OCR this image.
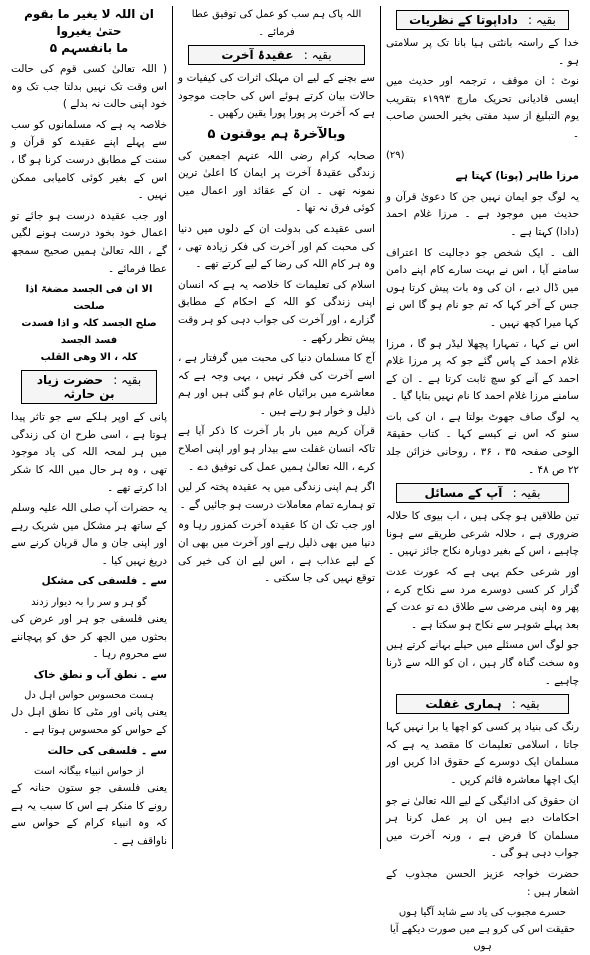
ان اللہ لا یغیر ما بقوم حتیٰ یغیروا

ما بانفسہم ۵

( اللہ تعالیٰ کسی قوم کی حالت اس وقت تک نہیں بدلتا جب تک وہ خود اپنی حالت نہ بدلے )

خلاصہ یہ ہے کہ مسلمانوں کو سب سے پہلے اپنے عقیدے کو قرآن و سنت کے مطابق درست کرنا ہو گا ، اس کے بغیر کوئی کامیابی ممکن نہیں ۔

اور جب عقیدہ درست ہو جائے تو اعمال خود بخود درست ہونے لگیں گے ، اللہ تعالیٰ ہمیں صحیح سمجھ عطا فرمائے ۔

الا ان فی الجسد مضغۃ اذا صلحت

صلح الجسد کلہ و اذا فسدت فسد الجسد

کلہ ، الا وھی القلب

بقیہ : حضرت زیاد بن حارثہ

پانی کے اوپر ہلکے سے جو تاثر پیدا ہوتا ہے ، اسی طرح ان کی زندگی میں ہر لمحہ اللہ کی یاد موجود تھی ، وہ ہر حال میں اللہ کا شکر ادا کرتے تھے ۔

یہ حضرات آپ صلی اللہ علیہ وسلم کے ساتھ ہر مشکل میں شریک رہے اور اپنی جان و مال قربان کرنے سے دریغ نہیں کیا ۔

سے ۔ فلسفی کی مشکل

گو ہر و سر را بہ دیوار زدند

یعنی فلسفی جو ہر اور عرض کی بحثوں میں الجھ کر حق کو پہچاننے سے محروم رہا ۔

سے ۔ نطق آب و نطق خاک

ہست محسوس حواس اہل دل

یعنی پانی اور مٹی کا نطق اہل دل کے حواس کو محسوس ہوتا ہے ۔

سے ۔ فلسفی کی حالت

از حواس انبیاء بیگانہ است

یعنی فلسفی جو ستون حنانہ کے رونے کا منکر ہے اس کا سبب یہ ہے کہ وہ انبیاء کرام کے حواس سے ناواقف ہے ۔

اللہ پاک ہم سب کو عمل کی توفیق عطا فرمائے ۔

بقیہ : عقیدۂ آخرت

سے بچنے کے لیے ان مہلک اثرات کی کیفیات و حالات بیان کرتے ہوئے اس کی حاجت موجود ہے کہ آخرت پر پورا پورا یقین رکھیں ۔

وبالآخرۃ ہم یوقنون ۵

صحابہ کرام رضی اللہ عنہم اجمعین کی زندگی عقیدۂ آخرت پر ایمان کا اعلیٰ ترین نمونہ تھی ۔ ان کے عقائد اور اعمال میں کوئی فرق نہ تھا ۔

اسی عقیدے کی بدولت ان کے دلوں میں دنیا کی محبت کم اور آخرت کی فکر زیادہ تھی ، وہ ہر کام اللہ کی رضا کے لیے کرتے تھے ۔

اسلام کی تعلیمات کا خلاصہ یہ ہے کہ انسان اپنی زندگی کو اللہ کے احکام کے مطابق گزارے ، اور آخرت کی جواب دہی کو ہر وقت پیش نظر رکھے ۔

آج کا مسلمان دنیا کی محبت میں گرفتار ہے ، اسے آخرت کی فکر نہیں ، یہی وجہ ہے کہ معاشرے میں برائیاں عام ہو گئی ہیں اور ہم ذلیل و خوار ہو رہے ہیں ۔

قرآن کریم میں بار بار آخرت کا ذکر آیا ہے تاکہ انسان غفلت سے بیدار ہو اور اپنی اصلاح کرے ، اللہ تعالیٰ ہمیں عمل کی توفیق دے ۔

اگر ہم اپنی زندگی میں یہ عقیدہ پختہ کر لیں تو ہمارے تمام معاملات درست ہو جائیں گے ۔

اور جب تک ان کا عقیدہ آخرت کمزور رہا وہ دنیا میں بھی ذلیل رہے اور آخرت میں بھی ان کے لیے عذاب ہے ، اس لیے ان کی خیر کی توقع نہیں کی جا سکتی ۔

بقیہ : داداپوتا کے نظریات

خدا کے راستہ بانٹتی ہیا بانا تک پر سلامتی ہو ۔

نوٹ : ان موقف ، ترجمہ اور حدیث میں ایسی قادیانی تحریک مارچ ۱۹۹۳ء بتقریب یوم التبلیغ از سید مفتی بخیر الحسن صاحب ۔

(۲۹)

مرزا طاہر (پوتا) کہتا ہے

یہ لوگ جو ایمان نہیں جن کا دعویٰ قرآن و حدیث میں موجود ہے ۔ مرزا غلام احمد (دادا) کہتا ہے ۔

الف ۔ ایک شخص جو دجالیت کا اعتراف سامنے آیا ، اس نے بہت سارے کام اپنے دامن میں ڈال دیے ، ان کی وہ بات پیش کرتا ہوں جس کے آخر کہا کہ تم جو نام ہو گا اس نے کہا میرا کچھ نہیں ۔

اس نے کہا ، تمہارا پچھلا لیڈر ہو گا ، مرزا غلام احمد کے پاس گئے جو کہ پر مرزا غلام احمد کے آنے کو سچ ثابت کرتا ہے ۔ ان کے سامنے مرزا غلام احمد کا نام نہیں بتایا گیا ۔

یہ لوگ صاف جھوٹ بولتا ہے ، ان کی بات سنو کہ اس نے کیسے کہا ۔ کتاب حقیقۃ الوحی صفحہ ۳۵ ، ۳۶ ، روحانی خزائن جلد ۲۲ ص ۴۸ ۔

بقیہ : آپ کے مسائل

تین طلاقیں ہو چکی ہیں ، اب بیوی کا حلالہ ضروری ہے ، حلالہ شرعی طریقے سے ہونا چاہیے ، اس کے بغیر دوبارہ نکاح جائز نہیں ۔

اور شرعی حکم یہی ہے کہ عورت عدت گزار کر کسی دوسرے مرد سے نکاح کرے ، پھر وہ اپنی مرضی سے طلاق دے تو عدت کے بعد پہلے شوہر سے نکاح ہو سکتا ہے ۔

جو لوگ اس مسئلے میں حیلے بہانے کرتے ہیں وہ سخت گناہ گار ہیں ، ان کو اللہ سے ڈرنا چاہیے ۔

بقیہ : ہماری غفلت

رنگ کی بنیاد پر کسی کو اچھا یا برا نہیں کہا جاتا ، اسلامی تعلیمات کا مقصد یہ ہے کہ مسلمان ایک دوسرے کے حقوق ادا کریں اور ایک اچھا معاشرہ قائم کریں ۔

ان حقوق کی ادائیگی کے لیے اللہ تعالیٰ نے جو احکامات دیے ہیں ان پر عمل کرنا ہر مسلمان کا فرض ہے ، ورنہ آخرت میں جواب دہی ہو گی ۔

حضرت خواجہ عزیز الحسن مجذوب کے اشعار ہیں :

حسرے مجبوب کی یاد سے شاید آگیا ہوں

حقیقت اس کی کرو ہے میں صورت دیکھے آیا ہوں
